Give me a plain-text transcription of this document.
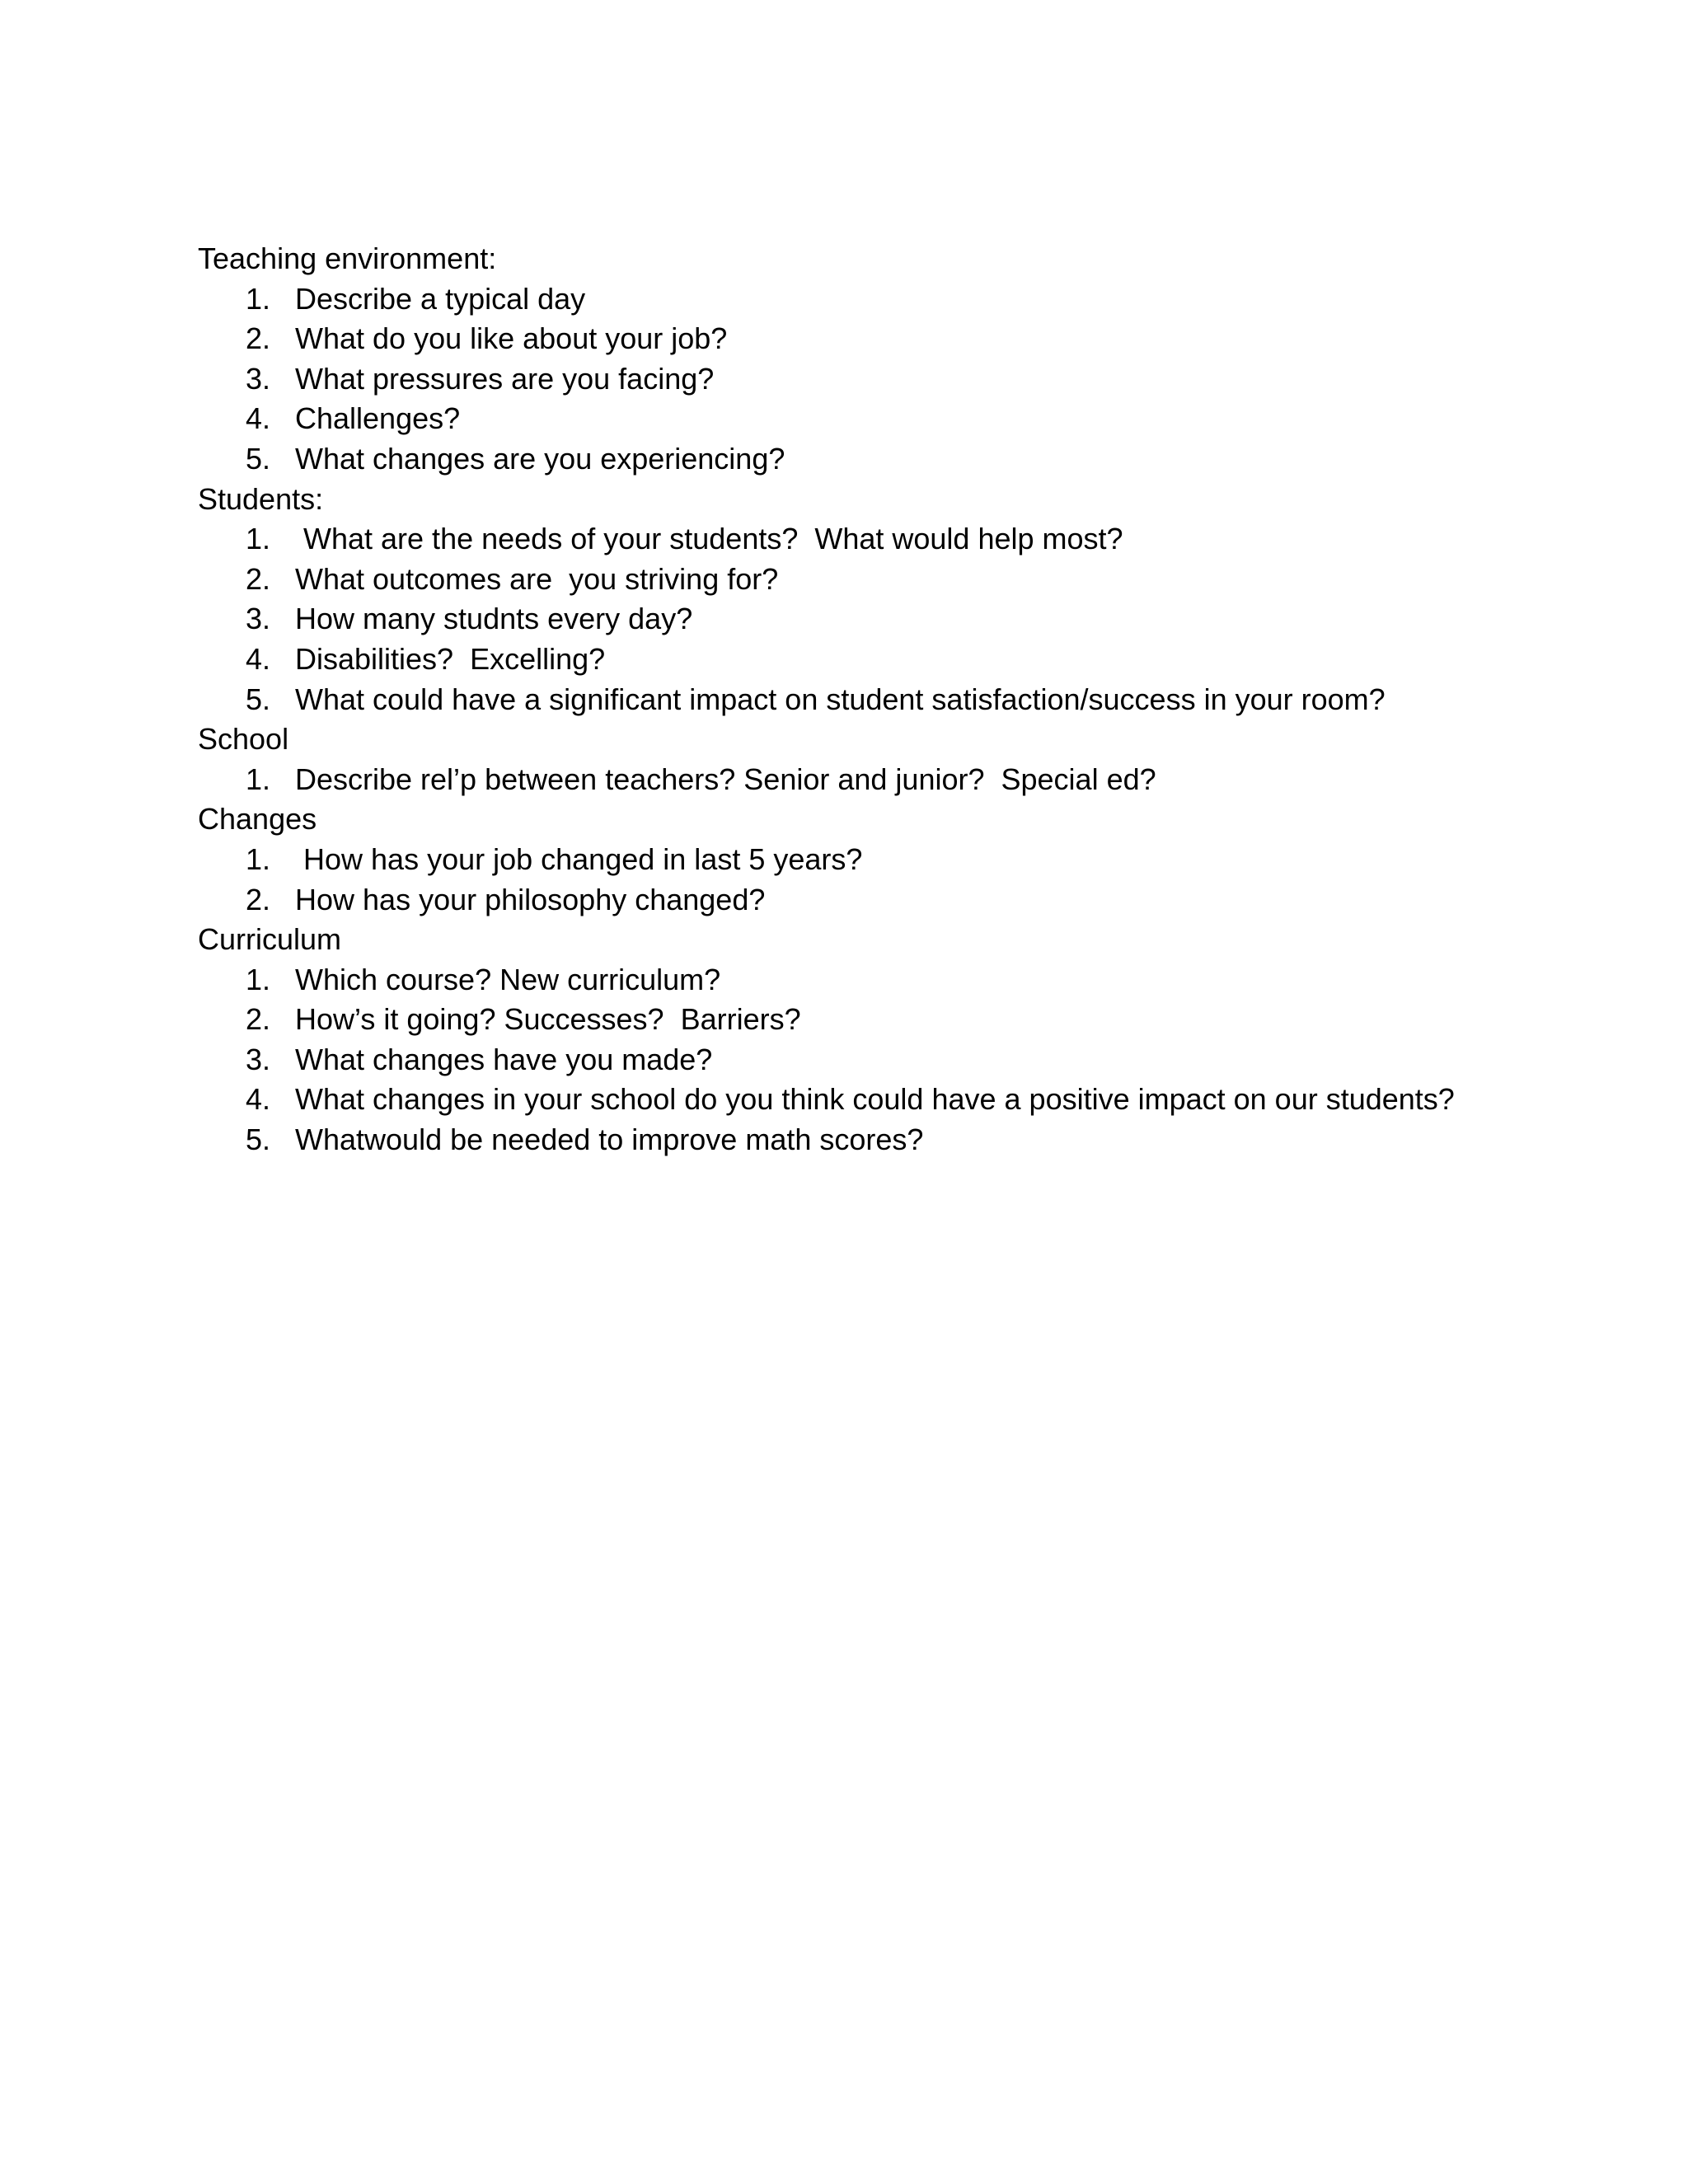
Teaching environment:
1. Describe a typical day
2. What do you like about your job?
3. What pressures are you facing?
4. Challenges?
5. What changes are you experiencing?
Students:
1. What are the needs of your students?  What would help most?
2. What outcomes are  you striving for?
3. How many studnts every day?
4. Disabilities?  Excelling?
5. What could have a significant impact on student satisfaction/success in your room?
School
1. Describe rel’p between teachers? Senior and junior?  Special ed?
Changes
1. How has your job changed in last 5 years?
2. How has your philosophy changed?
Curriculum
1. Which course? New curriculum?
2. How’s it going? Successes?  Barriers?
3. What changes have you made?
4. What changes in your school do you think could have a positive impact on our students?
5. Whatwould be needed to improve math scores?
